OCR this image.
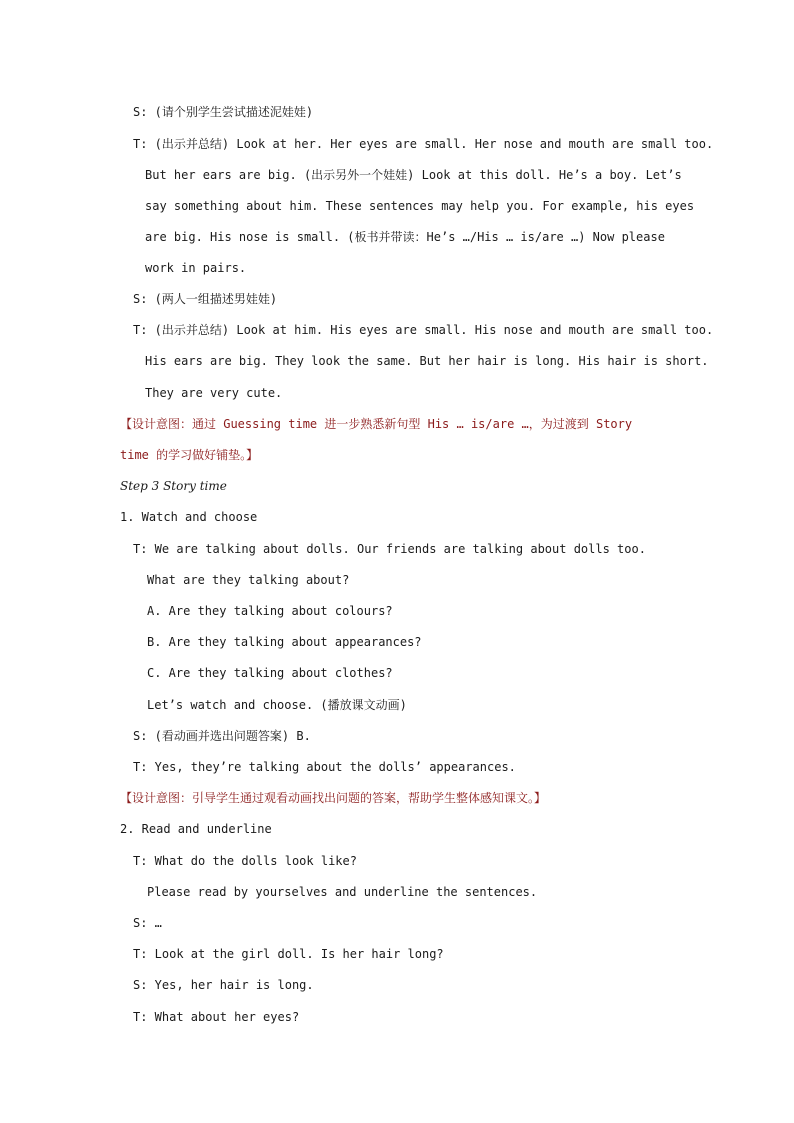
S: (请个别学生尝试描述泥娃娃)
T: (出示并总结) Look at her. Her eyes are small. Her nose and mouth are small too.
But her ears are big. (出示另外一个娃娃) Look at this doll. He’s a boy. Let’s
say something about him. These sentences may help you. For example, his eyes
are big. His nose is small. (板书并带读：He’s …/His … is/are …) Now please
work in pairs.
S: (两人一组描述男娃娃)
T: (出示并总结) Look at him. His eyes are small. His nose and mouth are small too.
His ears are big. They look the same. But her hair is long. His hair is short.
They are very cute.
【设计意图：通过 Guessing time 进一步熟悉新句型 His … is/are …，为过渡到 Story
time 的学习做好铺垫。】
Step 3 Story time
1. Watch and choose
T: We are talking about dolls. Our friends are talking about dolls too.
What are they talking about?
A. Are they talking about colours?
B. Are they talking about appearances?
C. Are they talking about clothes?
Let’s watch and choose. (播放课文动画)
S: (看动画并选出问题答案) B.
T: Yes, they’re talking about the dolls’ appearances.
【设计意图：引导学生通过观看动画找出问题的答案，帮助学生整体感知课文。】
2. Read and underline
T: What do the dolls look like?
Please read by yourselves and underline the sentences.
S: …
T: Look at the girl doll. Is her hair long?
S: Yes, her hair is long.
T: What about her eyes?
